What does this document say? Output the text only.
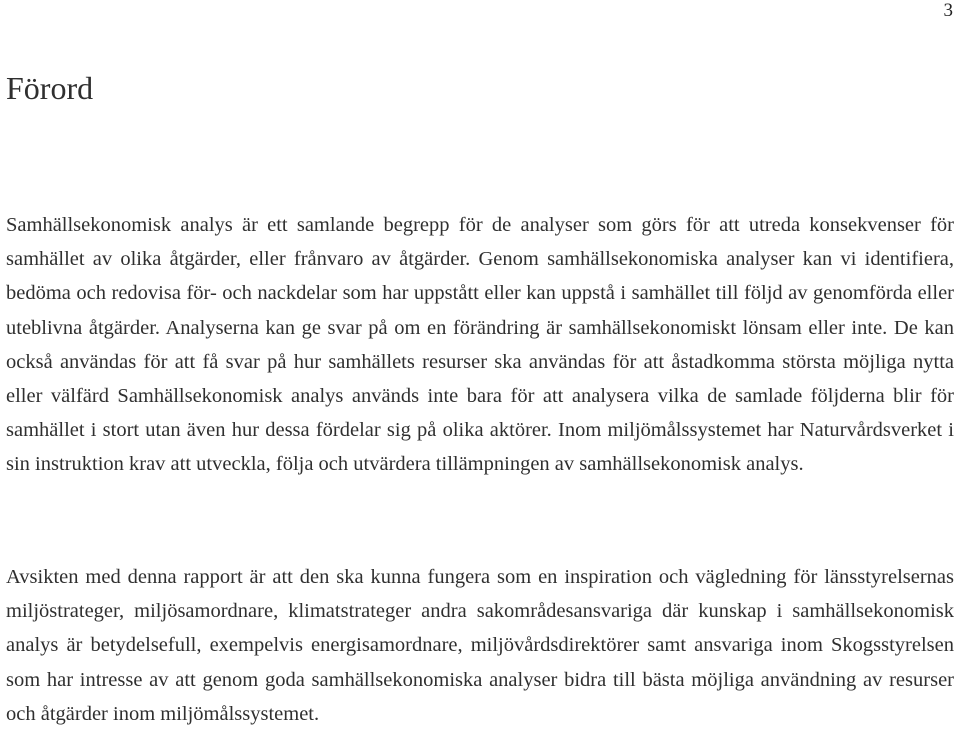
3
Förord

Samhällsekonomisk analys är ett samlande begrepp för de analyser som görs för att utreda konsekvenser för samhället av olika åtgärder, eller frånvaro av åtgärder. Genom samhällsekonomiska analyser kan vi identifiera, bedöma och redovisa för- och nackdelar som har uppstått eller kan uppstå i samhället till följd av genomförda eller uteblivna åtgärder. Analyserna kan ge svar på om en förändring är samhällsekonomiskt lönsam eller inte. De kan också användas för att få svar på hur samhällets resurser ska användas för att åstadkomma största möjliga nytta eller välfärd Samhällsekonomisk analys används inte bara för att analysera vilka de samlade följderna blir för samhället i stort utan även hur dessa fördelar sig på olika aktörer. Inom miljömålssystemet har Naturvårdsverket i sin instruktion krav att utveckla, följa och utvärdera tillämpningen av samhällsekonomisk analys.

Avsikten med denna rapport är att den ska kunna fungera som en inspiration och vägledning för länsstyrelsernas miljöstrateger, miljösamordnare, klimatstrateger andra sakområdesansvariga där kunskap i samhällsekonomisk analys är betydelsefull, exempelvis energisamordnare, miljövårdsdirektörer samt ansvariga inom Skogsstyrelsen som har intresse av att genom goda samhällsekonomiska analyser bidra till bästa möjliga användning av resurser och åtgärder inom miljömålssystemet.
